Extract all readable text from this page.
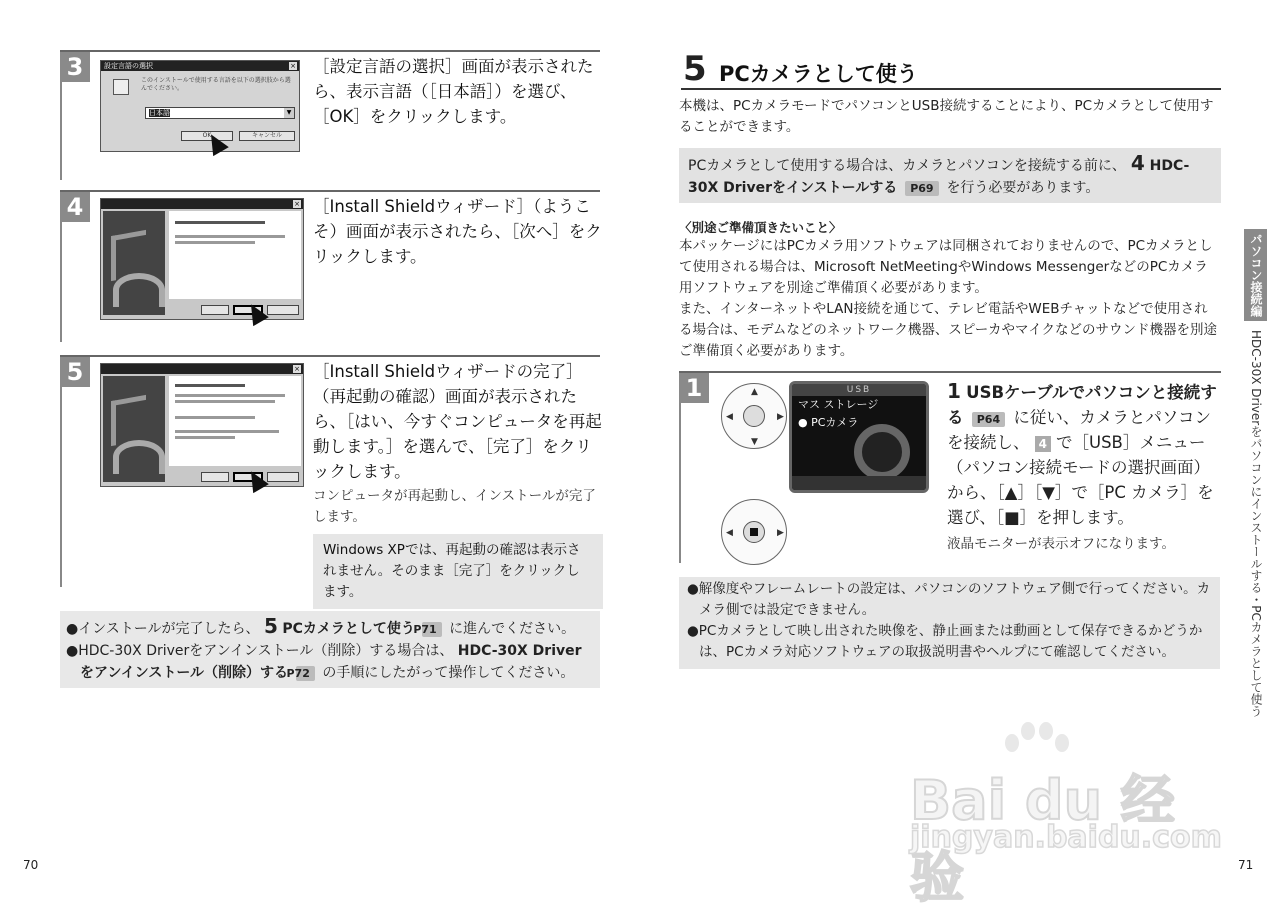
3	設定言語の選択	×
このインストールで使用する言語を以下の選択肢から選んでください。
日本語	▼
OK	キャンセル
［設定言語の選択］画面が表示されたら、表示言語（［日本語］）を選び、［OK］をクリックします。
4	× ［Install Shieldウィザード］（ようこそ）画面が表示されたら、［次へ］をクリックします。
5	× ［Install Shieldウィザードの完了］（再起動の確認）画面が表示されたら、［はい、今すぐコンピュータを再起動します。］を選んで、［完了］をクリックします。
コンピュータが再起動し、インストールが完了します。
Windows XPでは、再起動の確認は表示されません。そのまま［完了］をクリックします。

●インストールが完了したら、 5 PCカメラとして使う P71 に進んでください。

●HDC-30X Driverをアンインストール（削除）する場合は、 HDC-30X Driverをアンインストール（削除）する P72 の手順にしたがって操作してください。

70
5 PCカメラとして使う
本機は、PCカメラモードでパソコンとUSB接続することにより、PCカメラとして使用することができます。
PCカメラとして使用する場合は、カメラとパソコンを接続する前に、 4 HDC-30X Driverをインストールする P69 を行う必要があります。
〈別途ご準備頂きたいこと〉
本パッケージにはPCカメラ用ソフトウェアは同梱されておりませんので、PCカメラとして使用される場合は、Microsoft NetMeetingやWindows MessengerなどのPCカメラ用ソフトウェアを別途ご準備頂く必要があります。
また、インターネットやLAN接続を通じて、テレビ電話やWEBチャットなどで使用される場合は、モデムなどのネットワーク機器、スピーカやマイクなどのサウンド機器を別途ご準備頂く必要があります。
1	▲
▼
◀	▶
◀	▶
USB
マス ストレージ
● PCカメラ
1 USBケーブルでパソコンと接続する P64 に従い、カメラとパソコンを接続し、 4 で［USB］メニュー（パソコン接続モードの選択画面）から、［▲］［▼］で［PC カメラ］を選び、［■］を押します。
液晶モニターが表示オフになります。

●解像度やフレームレートの設定は、パソコンのソフトウェア側で行ってください。カメラ側では設定できません。

●PCカメラとして映し出された映像を、静止画または動画として保存できるかどうかは、PCカメラ対応ソフトウェアの取扱説明書やヘルプにて確認してください。

パソコン接続編
HDC-30X Driverをパソコンにインストールする・PCカメラとして使う
71
Bai du 经验
jingyan.baidu.com
